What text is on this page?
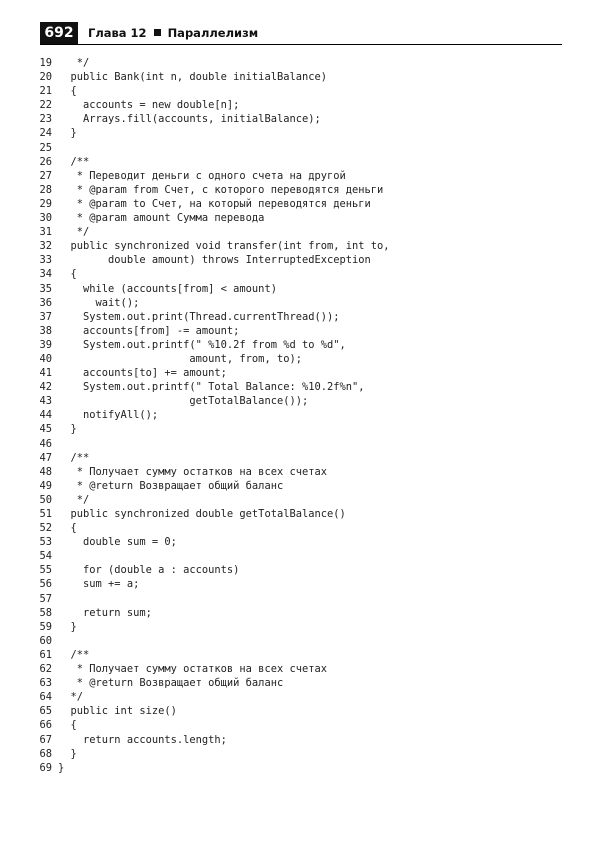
692	Глава 12 Параллелизм
19 */
20 public Bank(int n, double initialBalance)
21 {
22 accounts = new double[n];
23 Arrays.fill(accounts, initialBalance);
24 }
25
26 /**
27 * Переводит деньги с одного счета на другой
28 * @param from Счет, с которого переводятся деньги
29 * @param to Счет, на который переводятся деньги
30 * @param amount Сумма перевода
31 */
32 public synchronized void transfer(int from, int to,
33 double amount) throws InterruptedException
34 {
35 while (accounts[from] < amount)
36 wait();
37 System.out.print(Thread.currentThread());
38 accounts[from] -= amount;
39 System.out.printf(" %10.2f from %d to %d",
40 amount, from, to);
41 accounts[to] += amount;
42 System.out.printf(" Total Balance: %10.2f%n",
43 getTotalBalance());
44 notifyAll();
45 }
46
47 /**
48 * Получает сумму остатков на всех счетах
49 * @return Возвращает общий баланс
50 */
51 public synchronized double getTotalBalance()
52 {
53 double sum = 0;
54
55 for (double a : accounts)
56 sum += a;
57
58 return sum;
59 }
60
61 /**
62 * Получает сумму остатков на всех счетах
63 * @return Возвращает общий баланс
64 */
65 public int size()
66 {
67 return accounts.length;
68 }
69 }
